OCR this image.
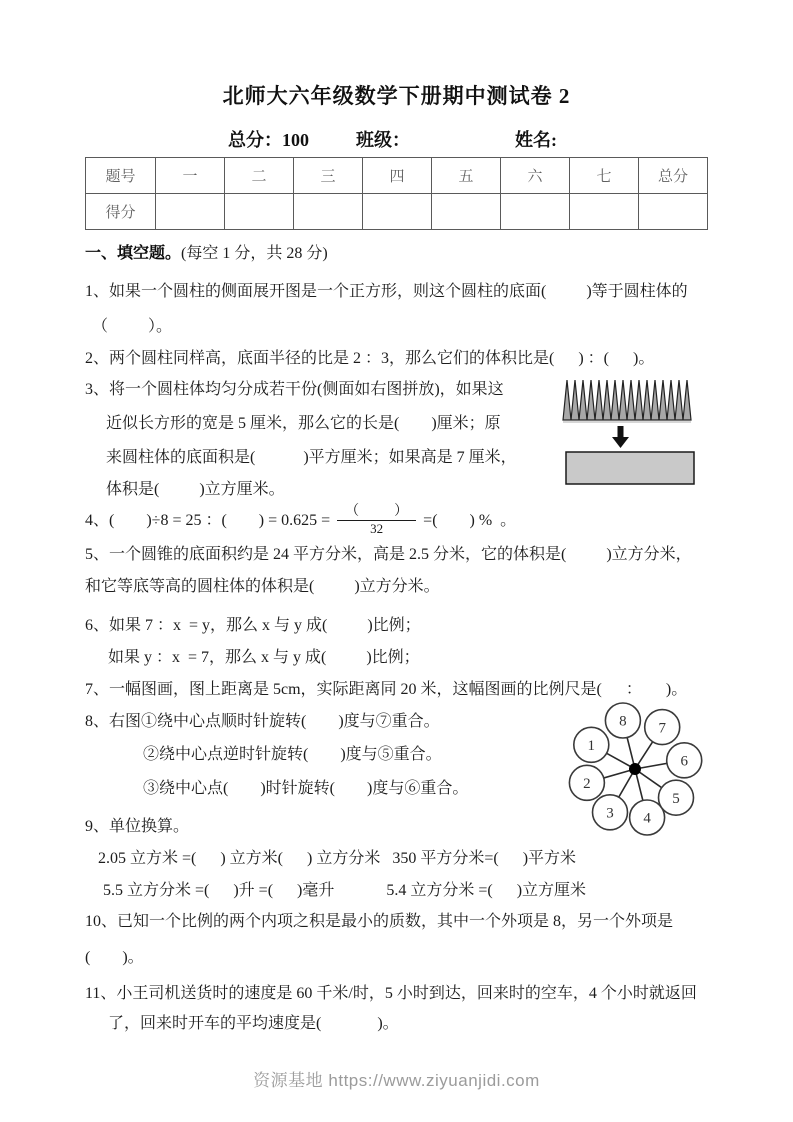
北师大六年级数学下册期中测试卷 2
总分：100	班级：	姓名:
题号	一	二	三	四	五	六	七	总分
得分								
一、填空题。(每空 1 分，共 28 分)
1、如果一个圆柱的侧面展开图是一个正方形，则这个圆柱的底面(          )等于圆柱体的
（          ）。
2、两个圆柱同样高，底面半径的比是 2 ：3，那么它们的体积比是(      ) ：(      )。
3、将一个圆柱体均匀分成若干份(侧面如右图拼放)，如果这
近似长方形的宽是 5 厘米，那么它的长是(        )厘米；原
来圆柱体的底面积是(            )平方厘米；如果高是 7 厘米，
体积是(          )立方厘米。
4、(        )÷8 = 25 ：(        ) = $0.625 = \frac{( )}{32}$ =(        ) %  。
5、一个圆锥的底面积约是 24 平方分米，高是 2.5 分米，它的体积是(          )立方分米，
和它等底等高的圆柱体的体积是(          )立方分米。
6、如果 7 ：x  = y，那么 x 与 y 成(          )比例；
如果 y ：x  = 7，那么 x 与 y 成(          )比例；
7、一幅图画，图上距离是 5cm，实际距离同 20 米，这幅图画的比例尺是(      ：      )。
8、右图①绕中心点顺时针旋转(        )度与⑦重合。
②绕中心点逆时针旋转(        )度与⑤重合。
③绕中心点(        )时针旋转(        )度与⑥重合。
1
2
3 4
5
6
7
8
9、单位换算。
2.05 立方米 =(      ) 立方米(      ) 立方分米   350 平方分米=(      )平方米
5.5 立方分米 =(      )升 =(      )毫升             5.4 立方分米 =(      )立方厘米
10、已知一个比例的两个内项之积是最小的质数，其中一个外项是 8，另一个外项是
(        )。
11、小王司机送货时的速度是 60 千米/时，5 小时到达，回来时的空车，4 个小时就返回
了，回来时开车的平均速度是(              )。
资源基地 https://www.ziyuanjidi.com
